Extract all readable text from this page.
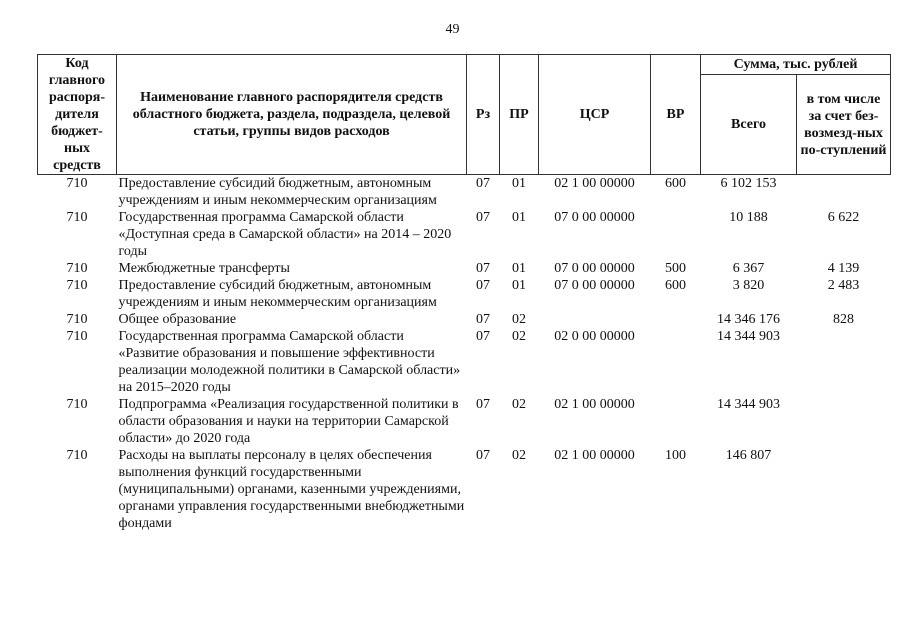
49
Код главного распоря-дителя бюджет-ных средств	Наименование главного распорядителя средств областного бюджета, раздела, подраздела, целевой статьи, группы видов расходов	Рз	ПР	ЦСР	ВР	Сумма, тыс. рублей	
						Всего	в том числе за счет без-возмезд-ных по-ступлений
710	Предоставление субсидий бюджетным, автономным учреждениям и иным некоммерческим организациям	07	01	02 1 00 00000	600	6 102 153	
710	Государственная программа Самарской области «Доступная среда в Самарской области» на 2014 – 2020 годы	07	01	07 0 00 00000		10 188	6 622
710	Межбюджетные трансферты	07	01	07 0 00 00000	500	6 367	4 139
710	Предоставление субсидий бюджетным, автономным учреждениям и иным некоммерческим организациям	07	01	07 0 00 00000	600	3 820	2 483
710	Общее образование	07	02			14 346 176	828
710	Государственная программа Самарской области «Развитие образования и повышение эффективности реализации молодежной политики в Самарской области» на 2015–2020 годы	07	02	02 0 00 00000		14 344 903	
710	Подпрограмма «Реализация государственной политики в области образования и науки на территории Самарской области» до 2020 года	07	02	02 1 00 00000		14 344 903	
710	Расходы на выплаты персоналу в целях обеспечения выполнения функций государственными (муниципальными) органами, казенными учреждениями, органами управления государственными внебюджетными фондами	07	02	02 1 00 00000	100	146 807	
